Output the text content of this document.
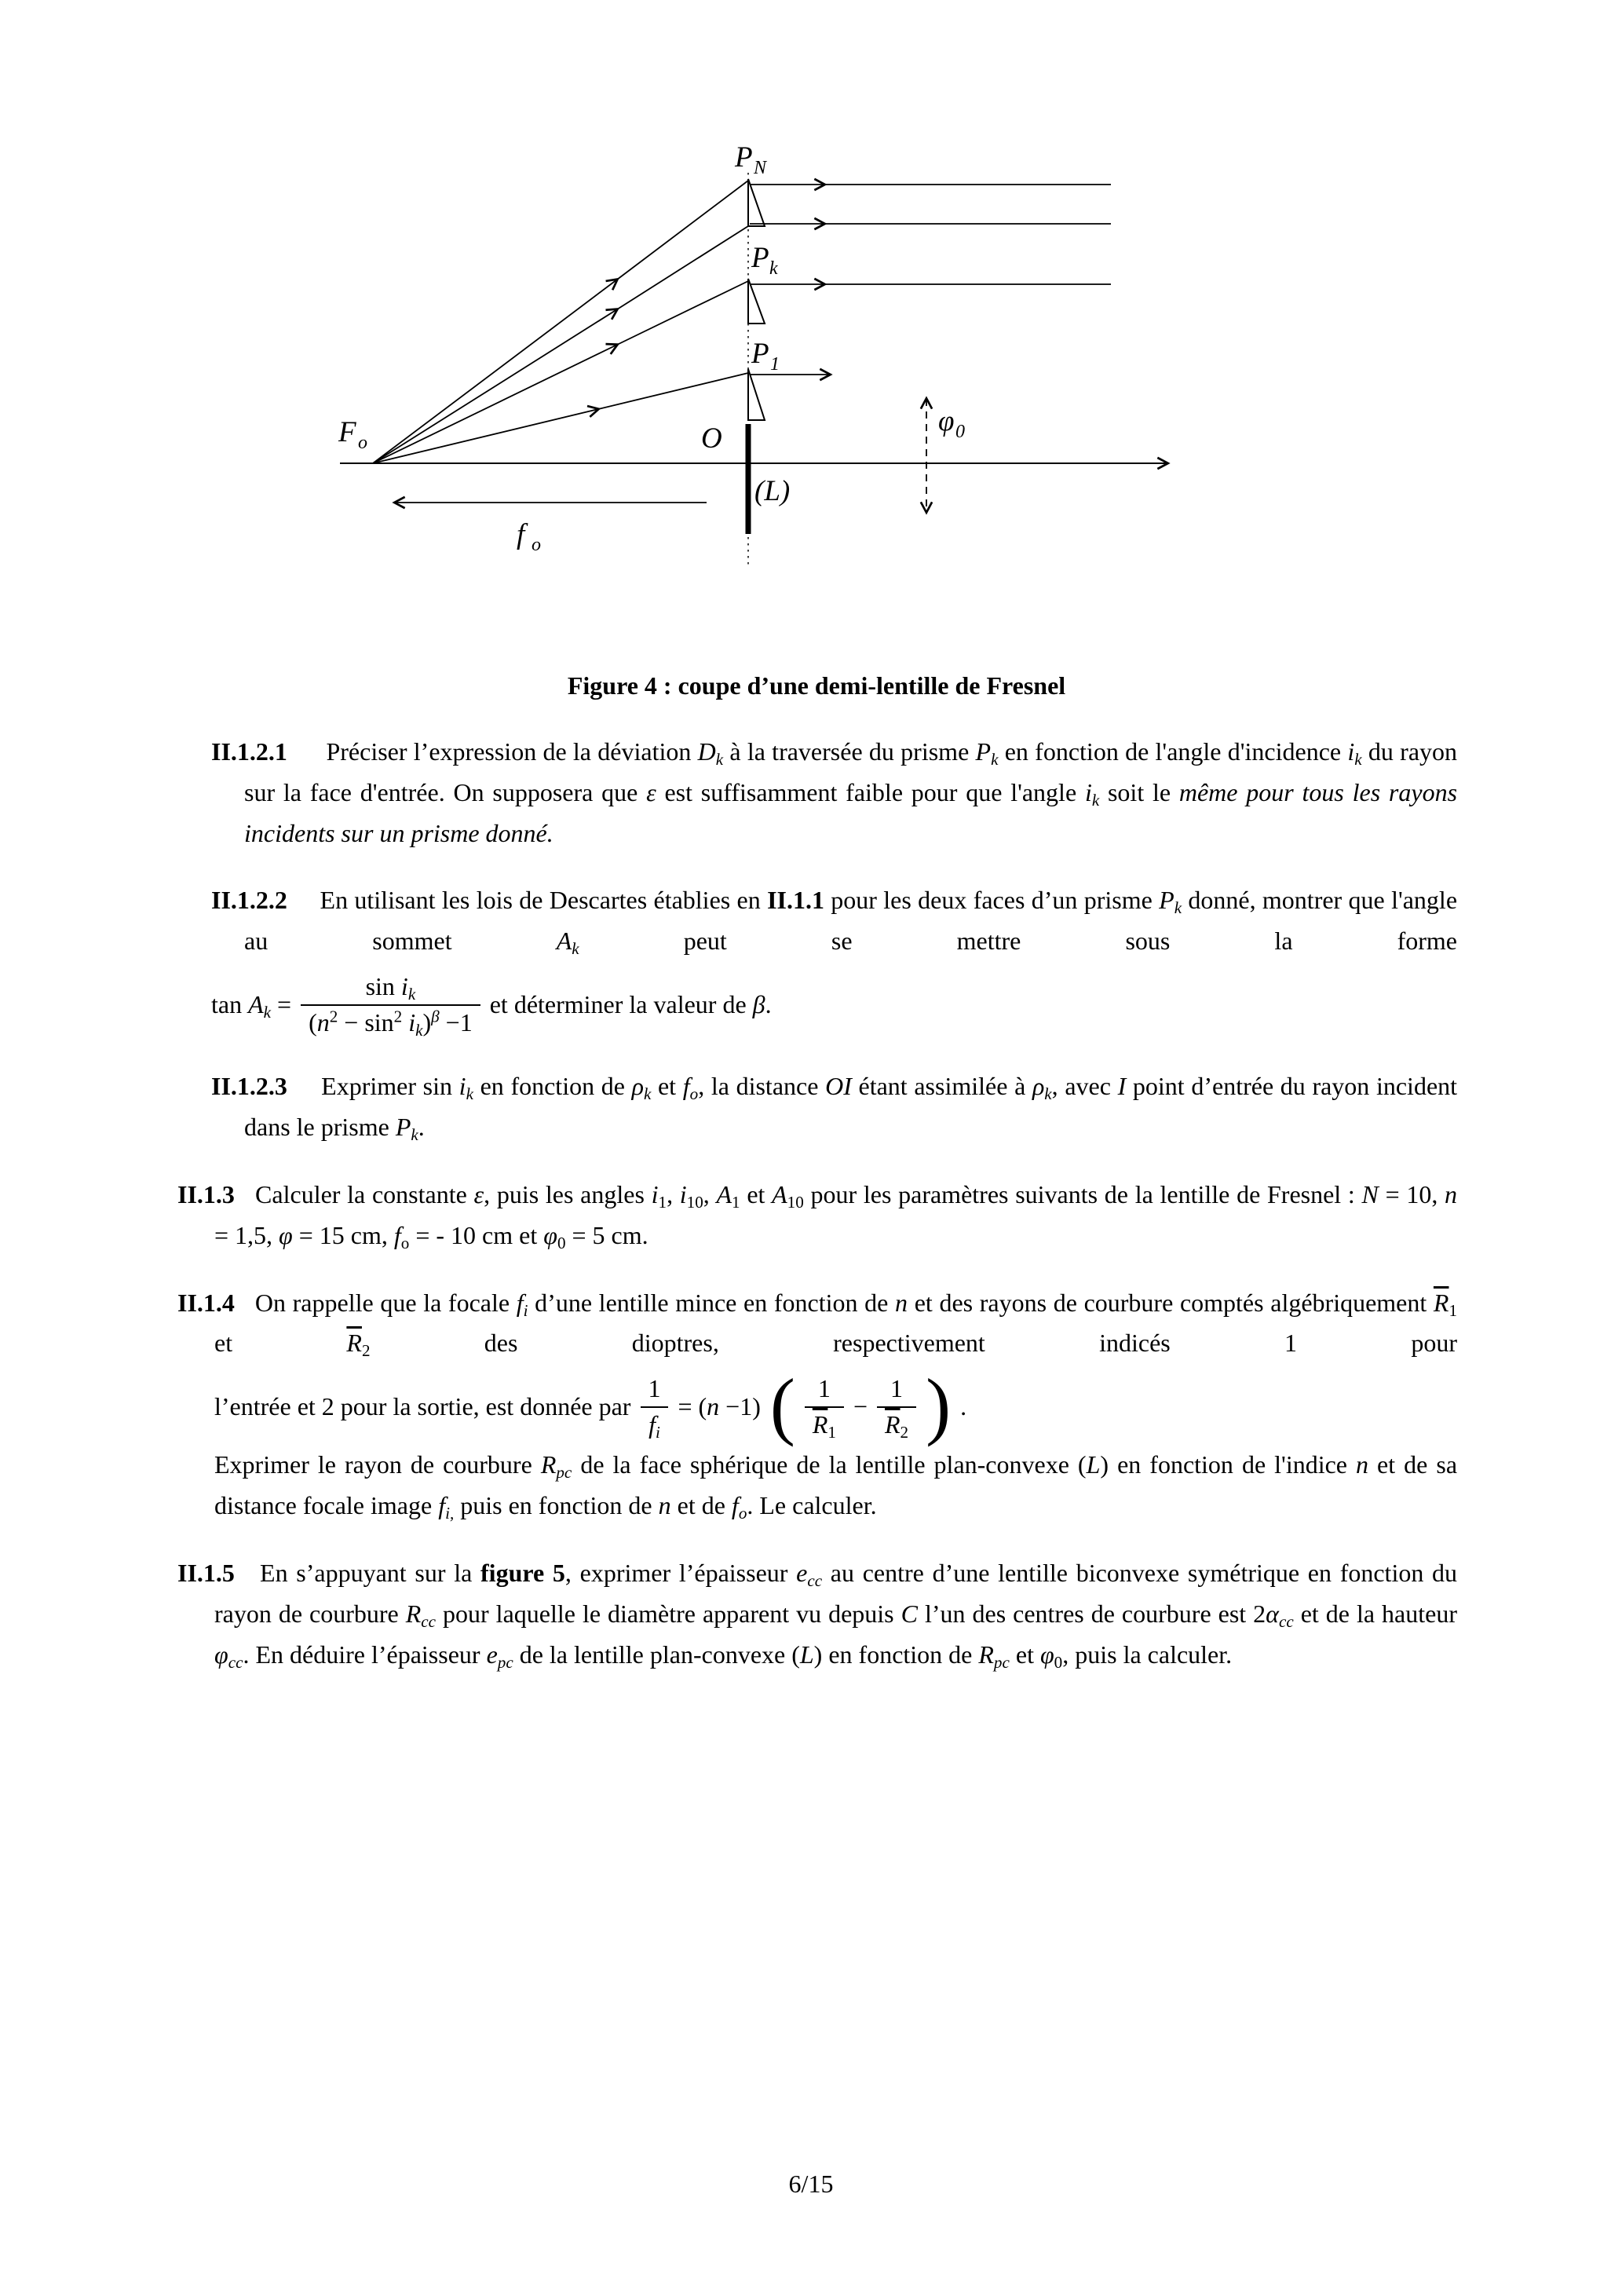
P N
P k
P 1
F o	O
(L)
φ 0
f o
Figure 4 : coupe d’une demi-lentille de Fresnel
II.1.2.1 Préciser l’expression de la déviation Dk à la traversée du prisme Pk en fonction de l'angle d'incidence ik du rayon sur la face d'entrée. On supposera que ε est suffisamment faible pour que l'angle ik soit le même pour tous les rayons incidents sur un prisme donné.
II.1.2.2 En utilisant les lois de Descartes établies en II.1.1 pour les deux faces d’un prisme Pk donné, montrer que l'angle au sommet Ak peut se mettre sous la forme
$\tan Ak = \frac{\text{sin ik}}{(n^2 - \sin^2 ik)^\beta -1}$ et déterminer la valeur de β.
II.1.2.3 Exprimer sin ik en fonction de ρk et fo, la distance OI étant assimilée à ρk, avec I point d’entrée du rayon incident dans le prisme Pk.
II.1.3 Calculer la constante ε, puis les angles i1, i10, A1 et A10 pour les paramètres suivants de la lentille de Fresnel : N = 10, n = 1,5, φ = 15 cm, fo = - 10 cm et φ0 = 5 cm.
II.1.4 On rappelle que la focale fi d’une lentille mince en fonction de n et des rayons de courbure comptés algébriquement $\overline{R}1$ et $\overline{R}2$ des dioptres, respectivement indicés 1 pour
l’entrée et 2 pour la sortie, est donnée par $\frac{1}{fi} = (n -1)$ ( $\frac{1}{\overline{R}1} - \frac{1}{\overline{R}2}$ ) .
Exprimer le rayon de courbure Rpc de la face sphérique de la lentille plan-convexe (L) en fonction de l'indice n et de sa distance focale image fi, puis en fonction de n et de fo. Le calculer.
II.1.5 En s’appuyant sur la figure 5, exprimer l’épaisseur ecc au centre d’une lentille biconvexe symétrique en fonction du rayon de courbure Rcc pour laquelle le diamètre apparent vu depuis C l’un des centres de courbure est 2αcc et de la hauteur φcc. En déduire l’épaisseur epc de la lentille plan-convexe (L) en fonction de Rpc et φ0, puis la calculer.
6/15
